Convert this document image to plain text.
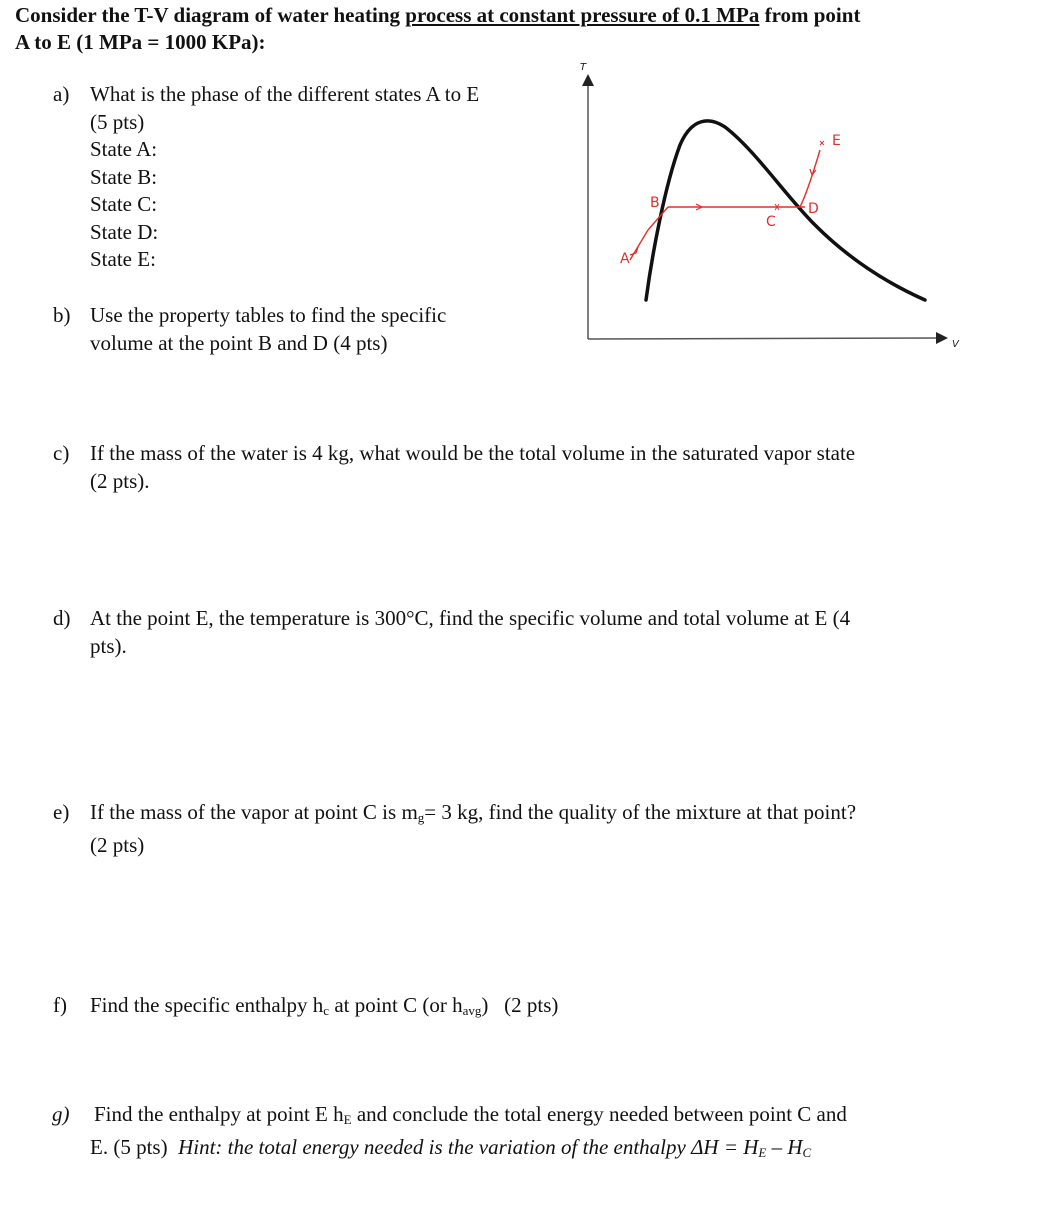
Consider the T-V diagram of water heating process at constant pressure of 0.1 MPa from point
A to E (1 MPa = 1000 KPa):
a) What is the phase of the different states A to E
(5 pts)
State A:
State B:
State C:
State D:
State E:
b) Use the property tables to find the specific
volume at the point B and D (4 pts)
T
V
A
B
C
D
E
c) If the mass of the water is 4 kg, what would be the total volume in the saturated vapor state
(2 pts).
d) At the point E, the temperature is 300°C, find the specific volume and total volume at E (4
pts).
e) If the mass of the vapor at point C is $m_g= 3$ kg, find the quality of the mixture at that point?
(2 pts)
f) Find the specific enthalpy $h_c$ at point C (or $h_{avg}$)   (2 pts)
g) Find the enthalpy at point E $h_E$ and conclude the total energy needed between point C and
E. (5 pts)  Hint: the total energy needed is the variation of the enthalpy $\Delta H = H_E - H_C$
